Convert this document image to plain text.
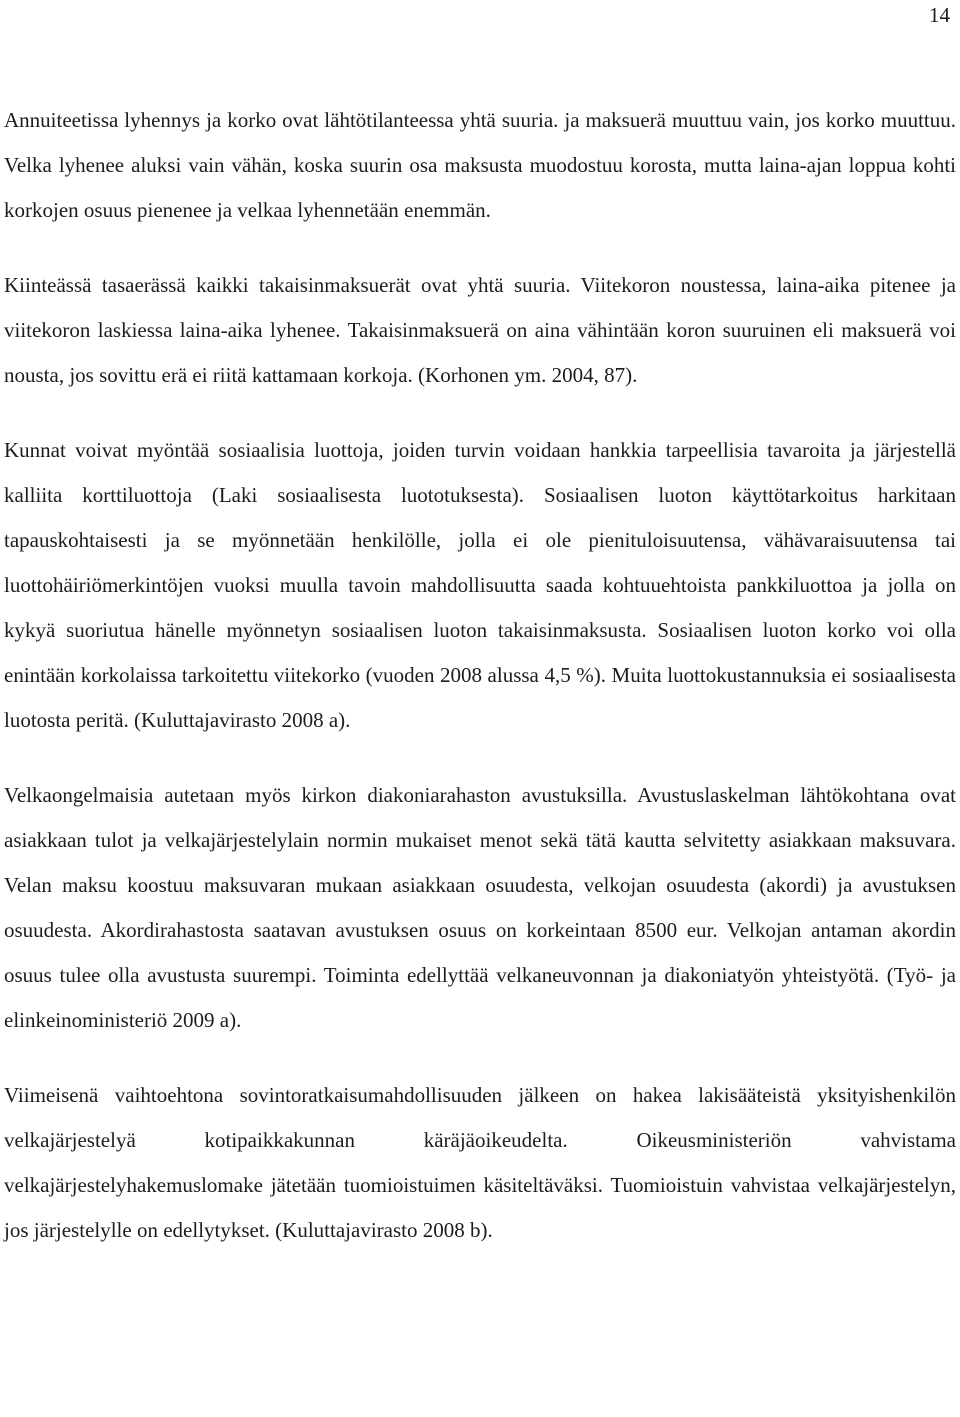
14

Annuiteetissa lyhennys ja korko ovat lähtötilanteessa yhtä suuria. ja maksuerä muuttuu vain, jos korko muuttuu. Velka lyhenee aluksi vain vähän, koska suurin osa maksusta muodostuu korosta, mutta laina-ajan loppua kohti korkojen osuus pienenee ja velkaa lyhennetään enemmän.

Kiinteässä tasaerässä kaikki takaisinmaksuerät ovat yhtä suuria. Viitekoron noustessa, laina-aika pitenee ja viitekoron laskiessa laina-aika lyhenee. Takaisinmaksuerä on aina vähintään koron suuruinen eli maksuerä voi nousta, jos sovittu erä ei riitä kattamaan korkoja. (Korhonen ym. 2004, 87).

Kunnat voivat myöntää sosiaalisia luottoja, joiden turvin voidaan hankkia tarpeellisia tavaroita ja järjestellä kalliita korttiluottoja (Laki sosiaalisesta luototuksesta). Sosiaalisen luoton käyttötarkoitus harkitaan tapauskohtaisesti ja se myönnetään henkilölle, jolla ei ole pienituloisuutensa, vähävaraisuutensa tai luottohäiriömerkintöjen vuoksi muulla tavoin mahdollisuutta saada kohtuuehtoista pankkiluottoa ja jolla on kykyä suoriutua hänelle myönnetyn sosiaalisen luoton takaisinmaksusta. Sosiaalisen luoton korko voi olla enintään korkolaissa tarkoitettu viitekorko (vuoden 2008 alussa 4,5 %). Muita luottokustannuksia ei sosiaalisesta luotosta peritä. (Kuluttajavirasto 2008 a).

Velkaongelmaisia autetaan myös kirkon diakoniarahaston avustuksilla. Avustuslaskelman lähtökohtana ovat asiakkaan tulot ja velkajärjestelylain normin mukaiset menot sekä tätä kautta selvitetty asiakkaan maksuvara. Velan maksu koostuu maksuvaran mukaan asiakkaan osuudesta, velkojan osuudesta (akordi) ja avustuksen osuudesta. Akordirahastosta saatavan avustuksen osuus on korkeintaan 8500 eur. Velkojan antaman akordin osuus tulee olla avustusta suurempi. Toiminta edellyttää velkaneuvonnan ja diakoniatyön yhteistyötä. (Työ- ja elinkeinoministeriö 2009 a).

Viimeisenä vaihtoehtona sovintoratkaisumahdollisuuden jälkeen on hakea lakisääteistä yksityishenkilön velkajärjestelyä kotipaikkakunnan käräjäoikeudelta. Oikeusministeriön vahvistama velkajärjestelyhakemuslomake jätetään tuomioistuimen käsiteltäväksi. Tuomioistuin vahvistaa velkajärjestelyn, jos järjestelylle on edellytykset. (Kuluttajavirasto 2008 b).
